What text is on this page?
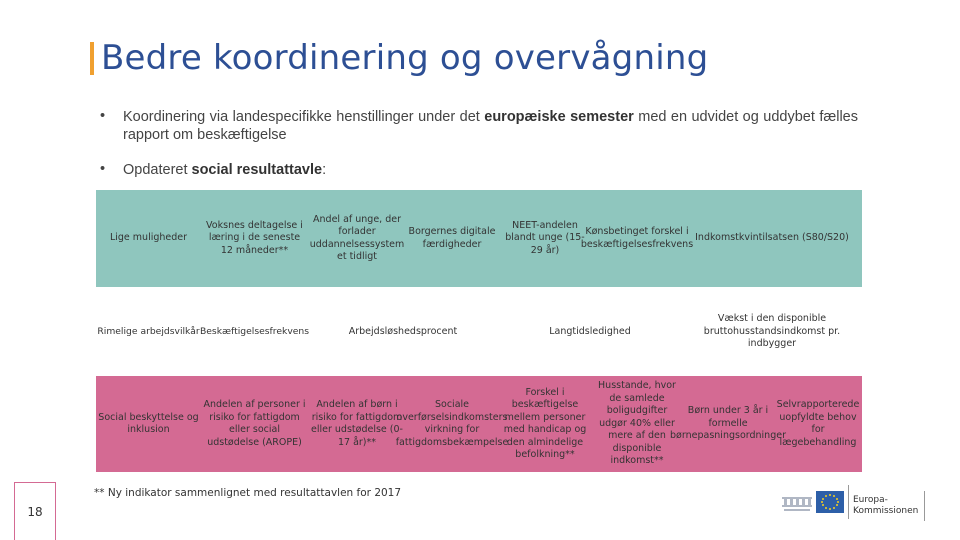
Bedre koordinering og overvågning
• Koordinering via landespecifikke henstillinger under det europæiske semester med en udvidet og uddybet fælles rapport om beskæftigelse
• Opdateret social resultattavle:
Lige muligheder
Voksnes deltagelse i læring i de seneste 12 måneder**
Andel af unge, der forlader uddannelsessystem et tidligt
Borgernes digitale færdigheder
NEET-andelen blandt unge (15-29 år)
Kønsbetinget forskel i beskæftigelsesfrekvens
Indkomstkvintilsatsen (S80/S20)
Rimelige arbejdsvilkår Beskæftigelsesfrekvens	Arbejdsløshedsprocent	Langtidsledighed
Vækst i den disponible bruttohusstandsindkomst pr. indbygger
Social beskyttelse og inklusion
Andelen af personer i risiko for fattigdom eller social udstødelse (AROPE)
Andelen af børn i risiko for fattigdom eller udstødelse (0-17 år)**
Sociale overførselsindkomsters virkning for fattigdomsbekæmpelse
Forskel i beskæftigelse mellem personer med handicap og den almindelige befolkning**
Husstande, hvor de samlede boligudgifter udgør 40% eller mere af den disponible indkomst**
Børn under 3 år i formelle børnepasningsordninger
Selvrapporterede uopfyldte behov for lægebehandling
** Ny indikator sammenlignet med resultattavlen for 2017
18
Europa-
Kommissionen
